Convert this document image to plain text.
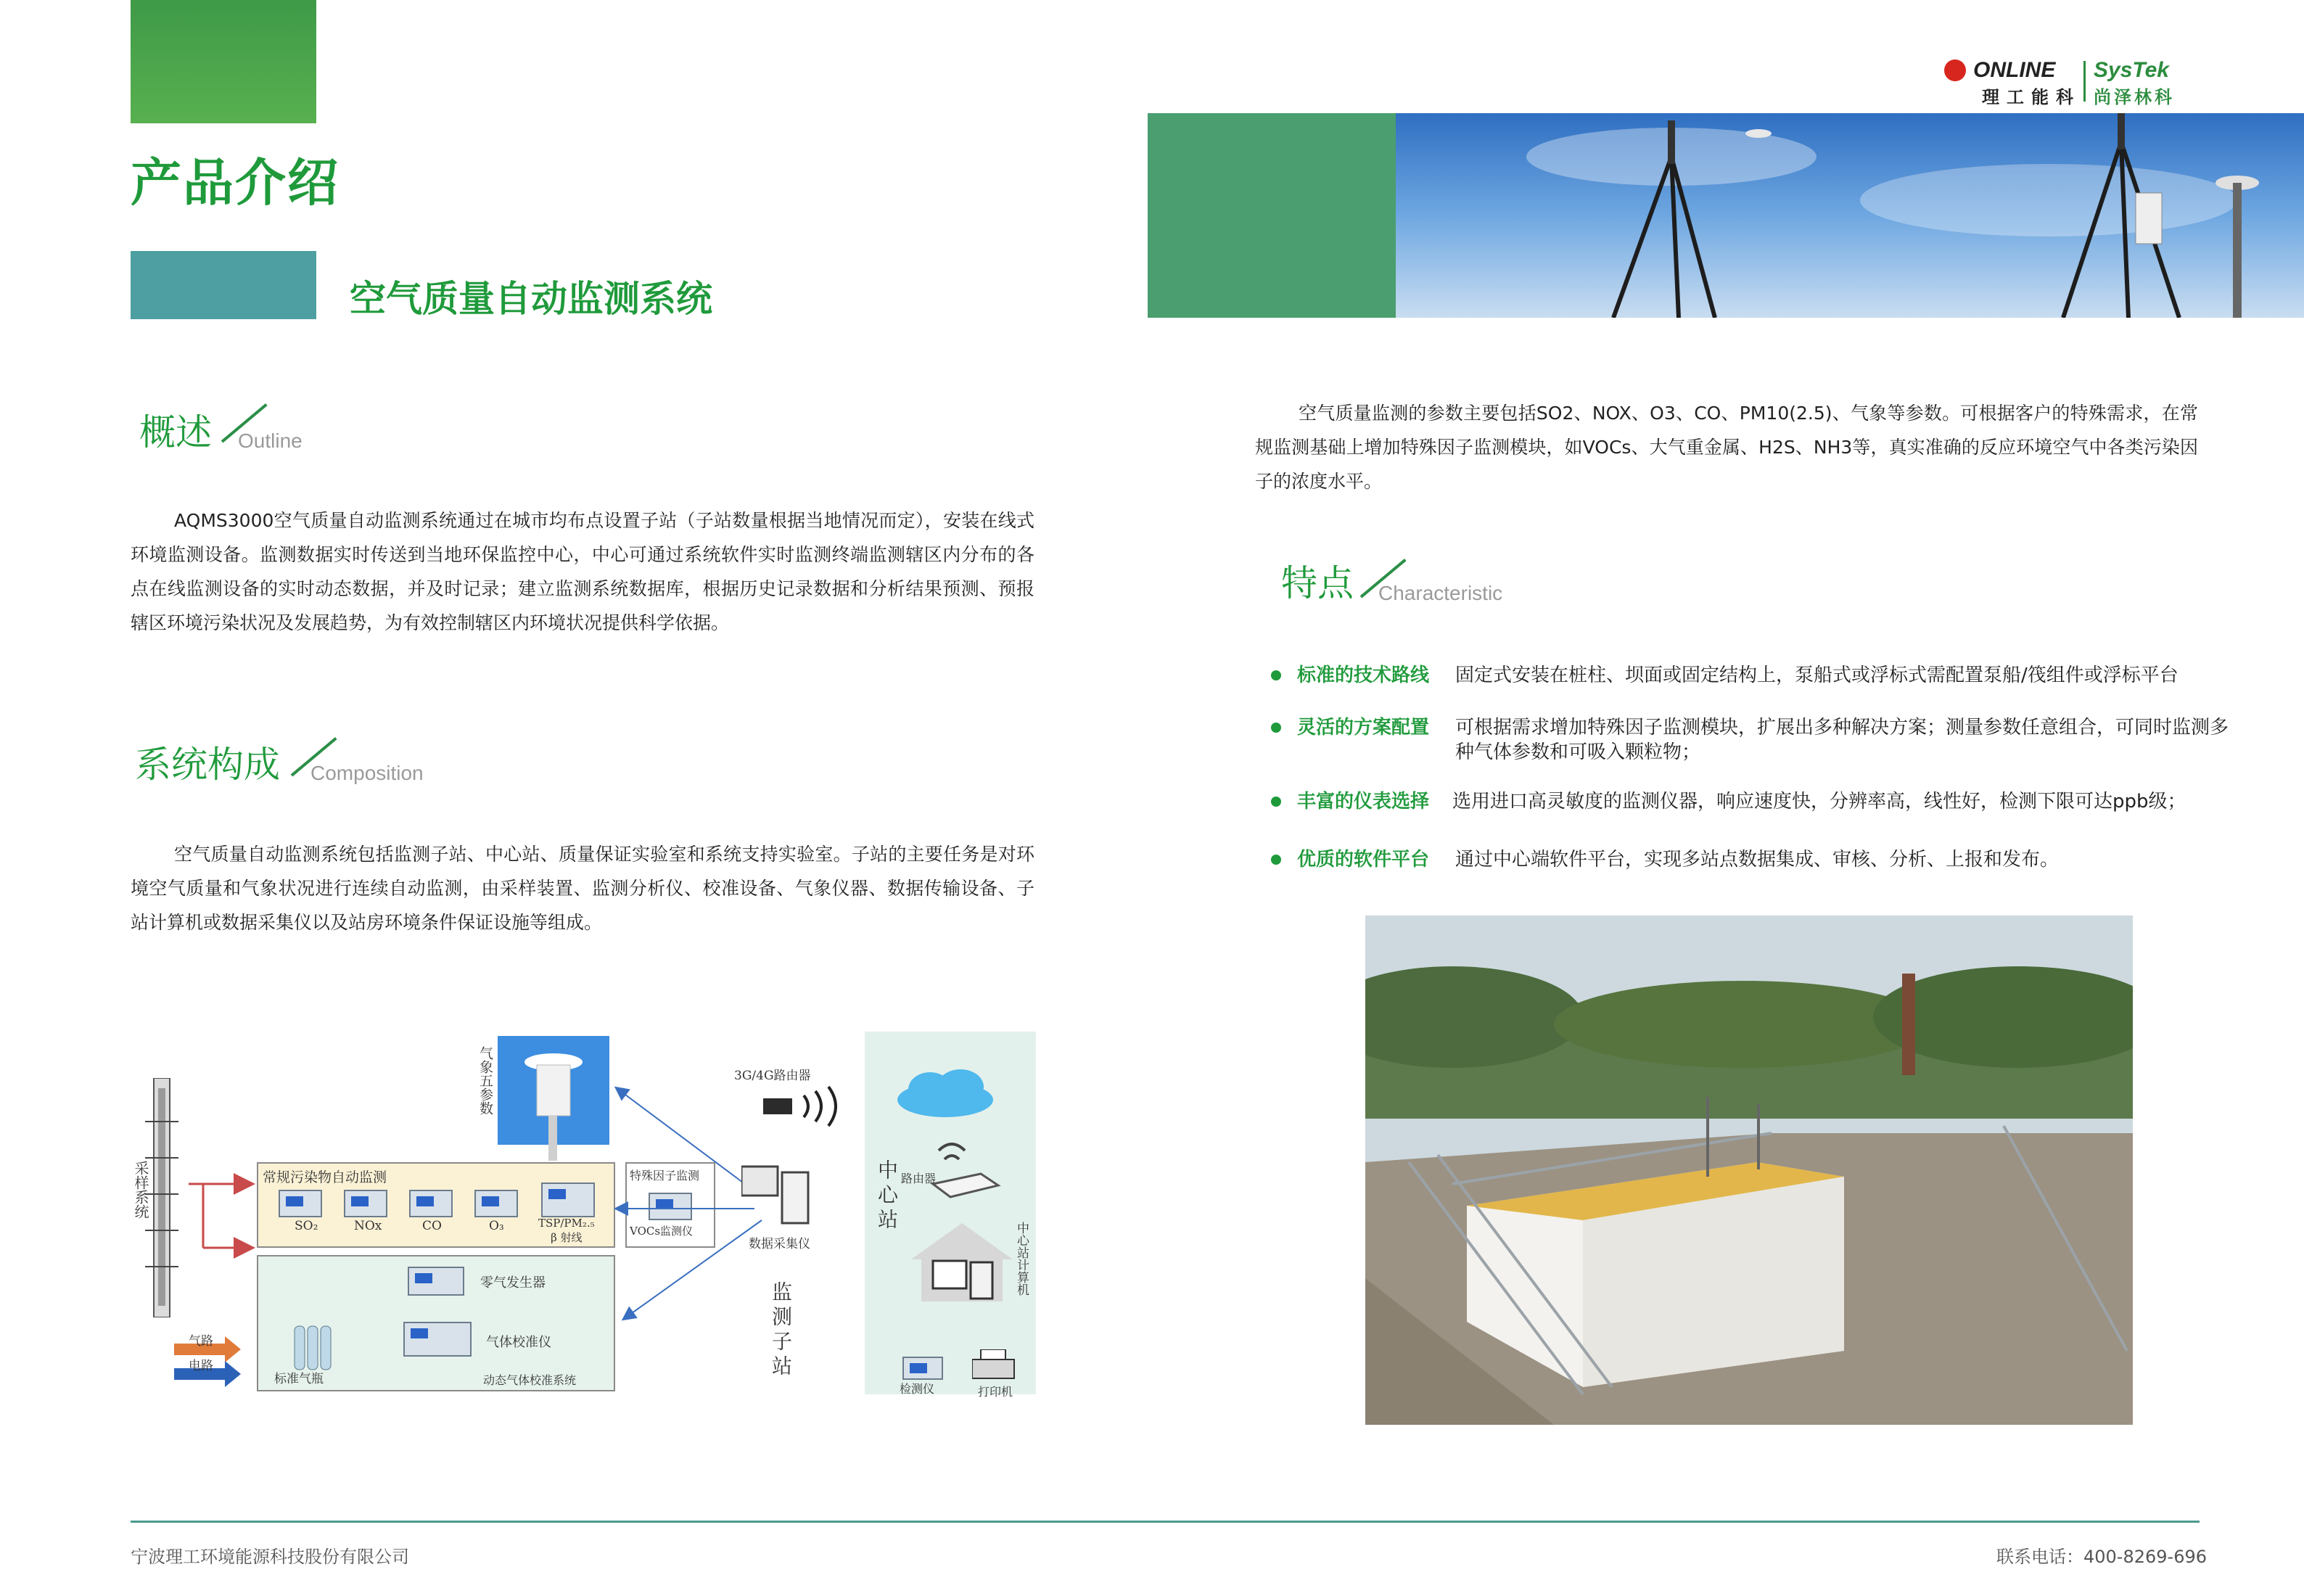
产品介绍
空气质量自动监测系统
概述 Outline

AQMS3000空气质量自动监测系统通过在城市均布点设置子站（子站数量根据当地情况而定），安装在线式环境监测设备。监测数据实时传送到当地环保监控中心，中心可通过系统软件实时监测终端监测辖区内分布的各点在线监测设备的实时动态数据，并及时记录；建立监测系统数据库，根据历史记录数据和分析结果预测、预报辖区环境污染状况及发展趋势，为有效控制辖区内环境状况提供科学依据。

系统构成 Composition

空气质量自动监测系统包括监测子站、中心站、质量保证实验室和系统支持实验室。子站的主要任务是对环境空气质量和气象状况进行连续自动监测，由采样装置、监测分析仪、校准设备、气象仪器、数据传输设备、子站计算机或数据采集仪以及站房环境条件保证设施等组成。

采样系统
气象五参数
常规污染物自动监测
SO₂	NOx	CO	O₃	TSP/PM₂.₅
β 射线
特殊因子监测
VOCs监测仪
零气发生器
气体校准仪
标准气瓶	动态气体校准系统
气路
电路
3G/4G路由器
数据采集仪
监测子站
路由器
中心站
中心站计算机
检测仪	打印机
ONLINE
理工能科
SysTek
尚泽林科

空气质量监测的参数主要包括SO2、NOX、O3、CO、PM10(2.5)、气象等参数。可根据客户的特殊需求，在常规监测基础上增加特殊因子监测模块，如VOCs、大气重金属、H2S、NH3等，真实准确的反应环境空气中各类污染因子的浓度水平。

特点 Characteristic
标准的技术路线 固定式安装在桩柱、坝面或固定结构上，泵船式或浮标式需配置泵船/筏组件或浮标平台
灵活的方案配置 可根据需求增加特殊因子监测模块，扩展出多种解决方案；测量参数任意组合，可同时监测多种气体参数和可吸入颗粒物；
丰富的仪表选择 选用进口高灵敏度的监测仪器，响应速度快，分辨率高，线性好，检测下限可达ppb级；
优质的软件平台 通过中心端软件平台，实现多站点数据集成、审核、分析、上报和发布。
宁波理工环境能源科技股份有限公司	联系电话：400-8269-696
